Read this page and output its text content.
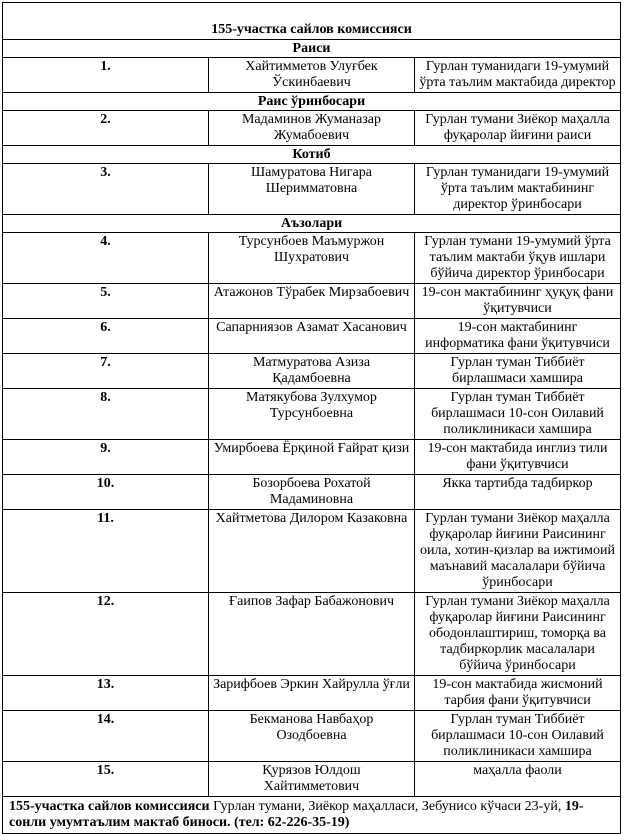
155-участка сайлов комиссияси		
Раиси		
1.	Хайтимметов Улуғбек Ўскинбаевич	Гурлан туманидаги 19-умумий ўрта таълим мактабида директор
Раис ўринбосари		
2.	Мадаминов Жуманазар Жумабоевич	Гурлан тумани Зиёкор маҳалла фуқаролар йиғини раиси
Котиб		
3.	Шамуратова Нигара Шеримматовна	Гурлан туманидаги 19-умумий ўрта таълим мактабининг директор ўринбосари
Аъзолари		
4.	Турсунбоев Маъмуржон Шухратович	Гурлан тумани 19-умумий ўрта таълим мактаби ўқув ишлари бўйича директор ўринбосари
5.	Атажонов Тўрабек Мирзабоевич	19-сон мактабининг ҳуқуқ фани ўқитувчиси
6.	Сапарниязов Азамат Хасанович	19-сон мактабининг информатика фани ўқитувчиси
7.	Матмуратова Азиза Қадамбоевна	Гурлан туман Тиббиёт бирлашмаси хамшира
8.	Матякубова Зулхумор Турсунбоевна	Гурлан туман Тиббиёт бирлашмаси 10-сон Оилавий поликлиникаси хамшира
9.	Умирбоева Ёрқиной Ғайрат қизи	19-сон мактабида инглиз тили фани ўқитувчиси
10.	Бозорбоева Рохатой Мадаминовна	Якка тартибда тадбиркор
11.	Хайтметова Дилором Казаковна	Гурлан тумани Зиёкор маҳалла фуқаролар йиғини Раисининг оила, хотин-қизлар ва ижтимоий маънавий масалалари бўйича ўринбосари
12.	Ғаипов Зафар Бабажонович	Гурлан тумани Зиёкор маҳалла фуқаролар йиғини Раисининг ободонлаштириш, томорқа ва тадбиркорлик масалалари бўйича ўринбосари
13.	Зарифбоев Эркин Хайрулла ўғли	19-сон мактабида жисмоний тарбия фани ўқитувчиси
14.	Бекманова Навбаҳор Озодбоевна	Гурлан туман Тиббиёт бирлашмаси 10-сон Оилавий поликлиникаси хамшира
15.	Қурязов Юлдош Хайтимметович	маҳалла фаоли
155-участка сайлов комиссияси Гурлан тумани, Зиёкор маҳалласи, Зебунисо кўчаси 23-уй, 19-сонли умумтаълим мактаб биноси. (тел: 62-226-35-19)		
